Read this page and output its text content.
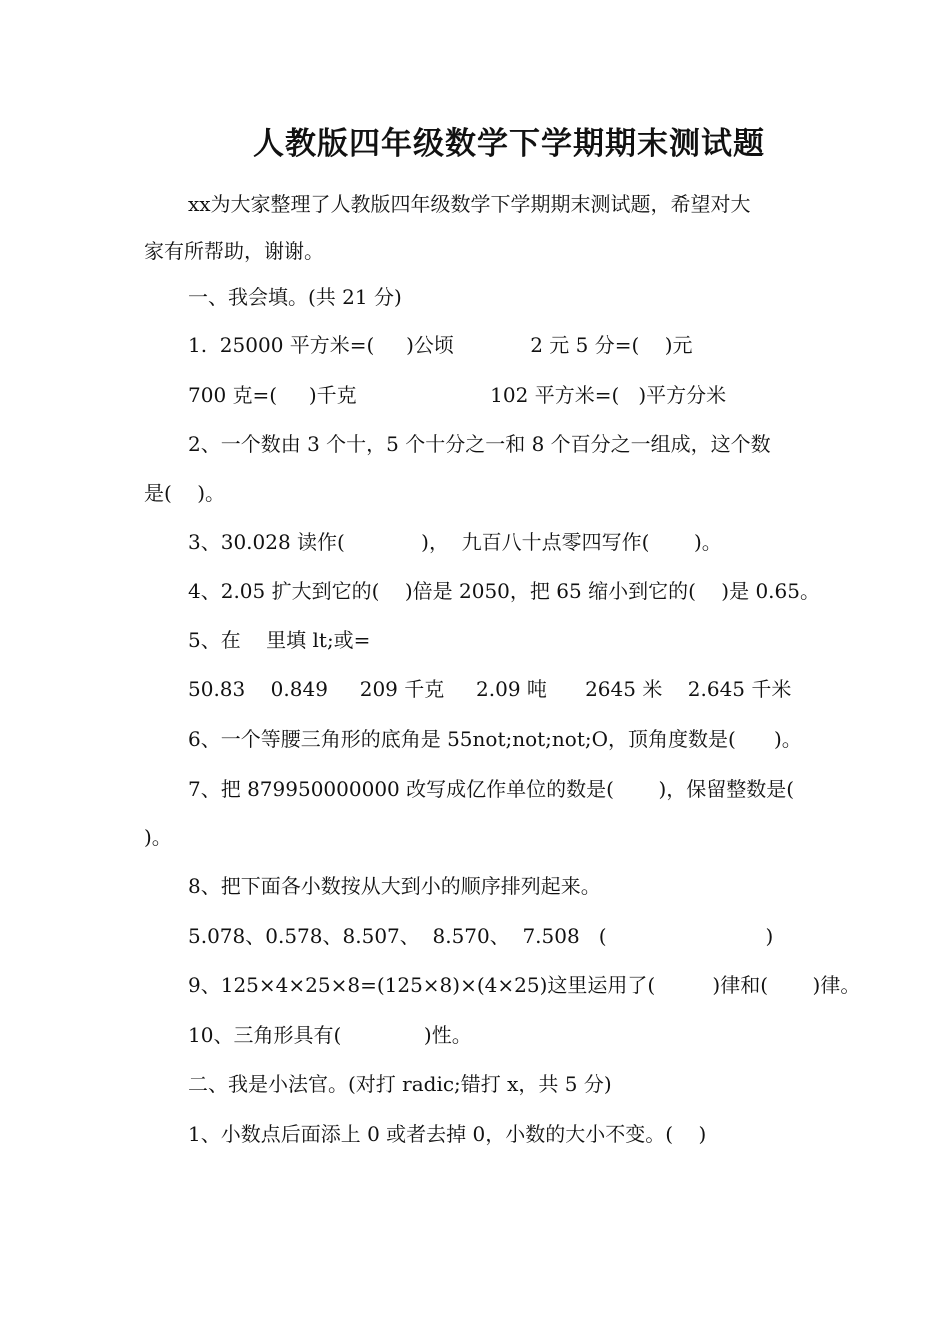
人教版四年级数学下学期期末测试题
xx为大家整理了人教版四年级数学下学期期末测试题，希望对大
家有所帮助，谢谢。
一、我会填。(共 21 分)
1.  25000 平方米=(     )公顷            2 元 5 分=(    )元
700 克=(     )千克                     102 平方米=(   )平方分米
2、一个数由 3 个十，5 个十分之一和 8 个百分之一组成，这个数
是(    )。
3、30.028 读作(            )，  九百八十点零四写作(       )。
4、2.05 扩大到它的(    )倍是 2050，把 65 缩小到它的(    )是 0.65。
5、在    里填 lt;或=
50.83    0.849     209 千克     2.09 吨      2645 米    2.645 千米
6、一个等腰三角形的底角是 55not;not;not;O，顶角度数是(      )。
7、把 879950000000 改写成亿作单位的数是(       )，保留整数是(
)。
8、把下面各小数按从大到小的顺序排列起来。
5.078、0.578、8.507、  8.570、  7.508   (                         )
9、125×4×25×8=(125×8)×(4×25)这里运用了(         )律和(       )律。
10、三角形具有(             )性。
二、我是小法官。(对打 radic;错打 x，共 5 分)
1、小数点后面添上 0 或者去掉 0，小数的大小不变。(    )
